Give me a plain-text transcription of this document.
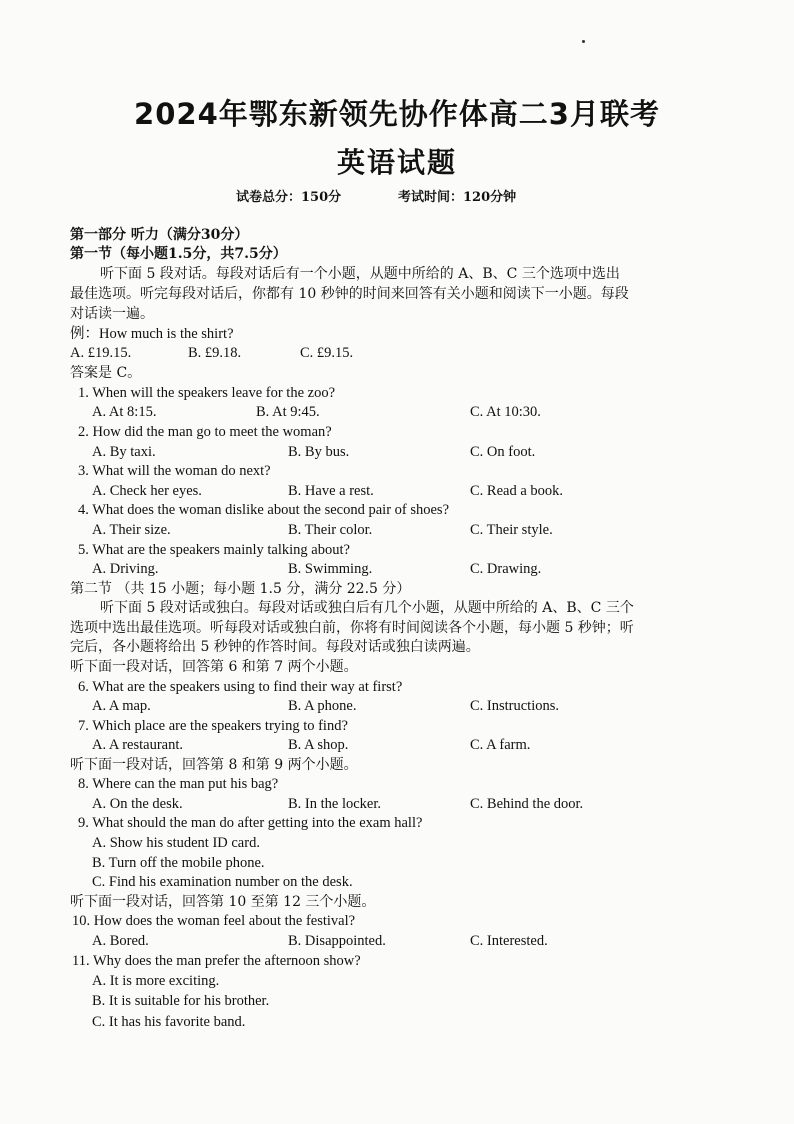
2024年鄂东新领先协作体高二3月联考
英语试题
试卷总分：150分	考试时间：120分钟
第一部分 听力（满分30分）
第一节（每小题1.5分，共7.5分）
听下面 5 段对话。每段对话后有一个小题，从题中所给的 A、B、C 三个选项中选出
最佳选项。听完每段对话后，你都有 10 秒钟的时间来回答有关小题和阅读下一小题。每段
对话读一遍。
例：How much is the shirt?
A. £19.15.	B. £9.18.	C. £9.15.
答案是 C。
1. When will the speakers leave for the zoo?
A. At 8:15.	B. At 9:45.	C. At 10:30.
2. How did the man go to meet the woman?
A. By taxi.	B. By bus.	C. On foot.
3. What will the woman do next?
A. Check her eyes.	B. Have a rest.	C. Read a book.
4. What does the woman dislike about the second pair of shoes?
A. Their size.	B. Their color.	C. Their style.
5. What are the speakers mainly talking about?
A. Driving.	B. Swimming.	C. Drawing.
第二节 （共 15 小题；每小题 1.5 分，满分 22.5 分）
听下面 5 段对话或独白。每段对话或独白后有几个小题，从题中所给的 A、B、C 三个
选项中选出最佳选项。听每段对话或独白前，你将有时间阅读各个小题，每小题 5 秒钟；听
完后，各小题将给出 5 秒钟的作答时间。每段对话或独白读两遍。
听下面一段对话，回答第 6 和第 7 两个小题。
6. What are the speakers using to find their way at first?
A. A map.	B. A phone.	C. Instructions.
7. Which place are the speakers trying to find?
A. A restaurant.	B. A shop.	C. A farm.
听下面一段对话，回答第 8 和第 9 两个小题。
8. Where can the man put his bag?
A. On the desk.	B. In the locker.	C. Behind the door.
9. What should the man do after getting into the exam hall?
A. Show his student ID card.
B. Turn off the mobile phone.
C. Find his examination number on the desk.
听下面一段对话，回答第 10 至第 12 三个小题。
10. How does the woman feel about the festival?
A. Bored.	B. Disappointed.	C. Interested.
11. Why does the man prefer the afternoon show?
A. It is more exciting.
B. It is suitable for his brother.
C. It has his favorite band.
